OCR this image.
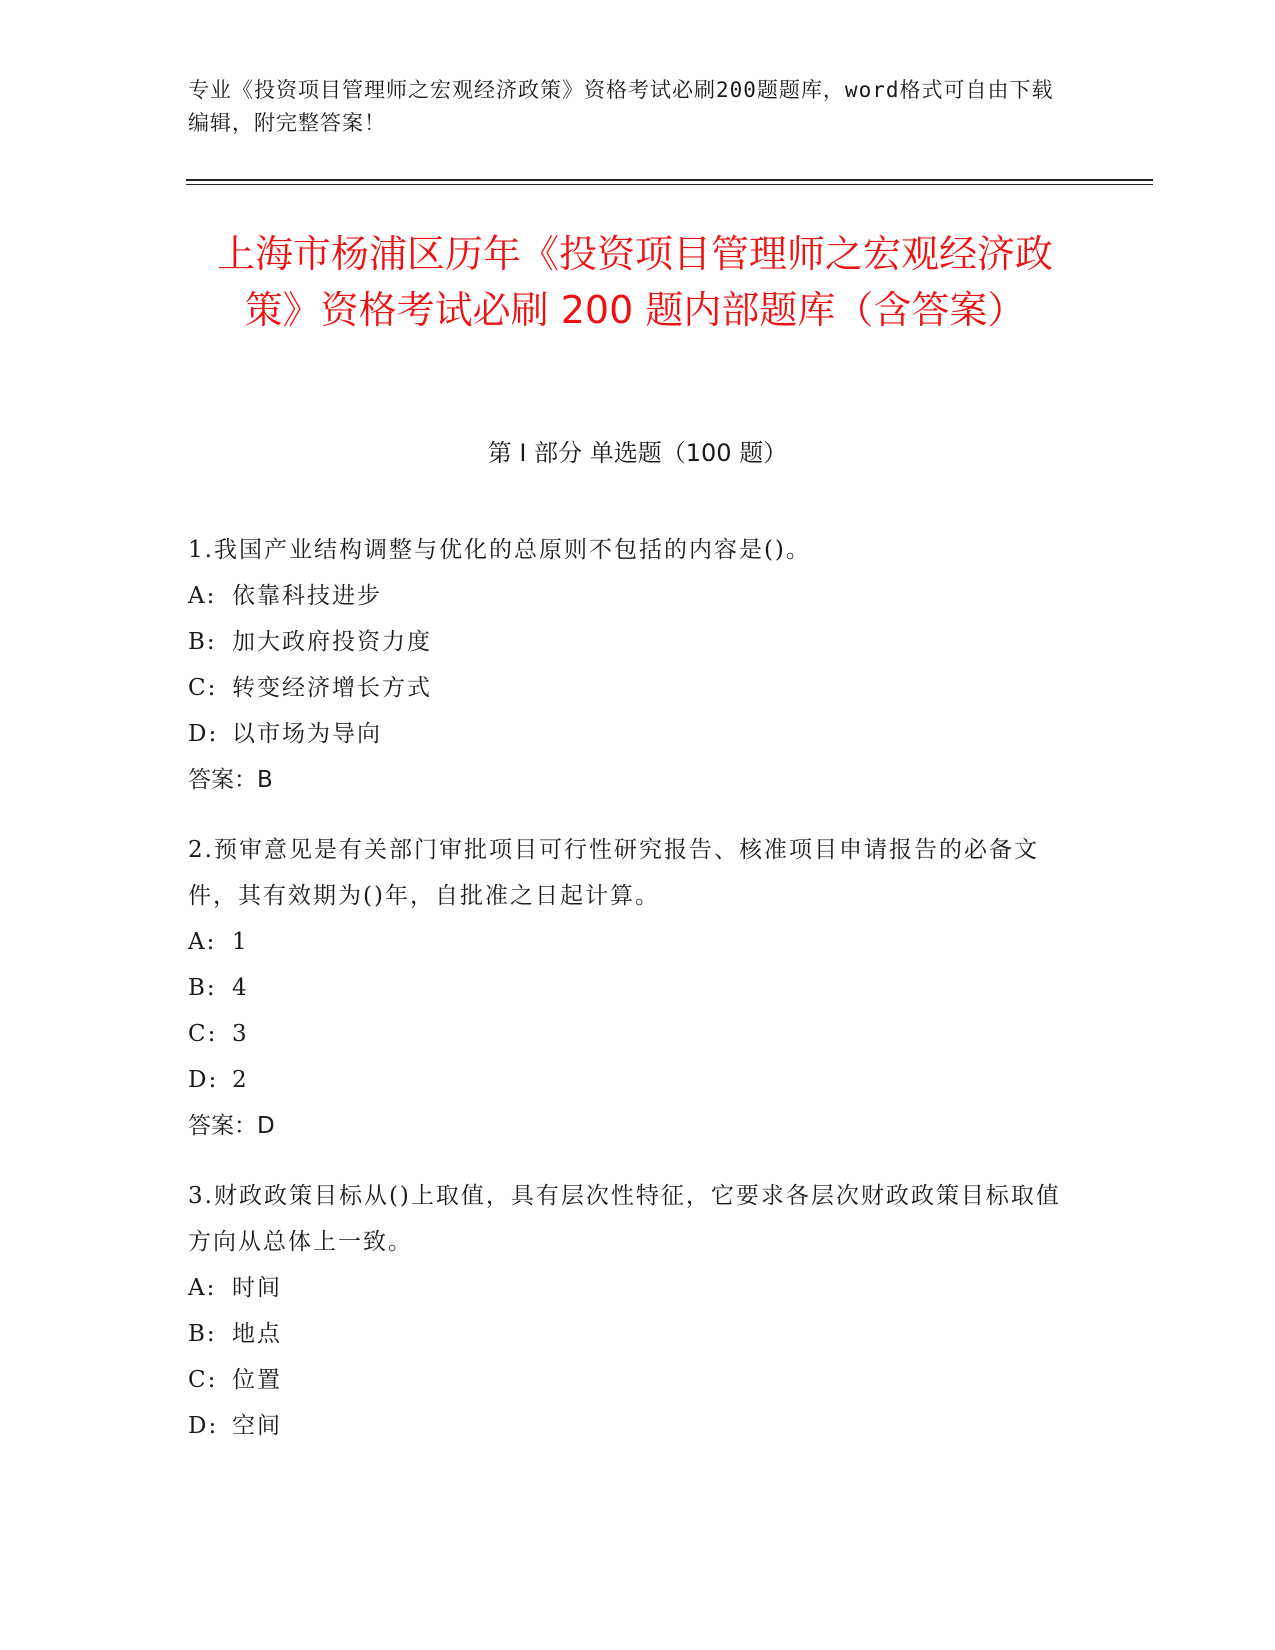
专业《投资项目管理师之宏观经济政策》资格考试必刷200题题库，word格式可自由下载编辑，附完整答案！
上海市杨浦区历年《投资项目管理师之宏观经济政策》资格考试必刷 200 题内部题库（含答案）
第 I 部分 单选题（100 题）
1.我国产业结构调整与优化的总原则不包括的内容是()。
A: 依靠科技进步
B: 加大政府投资力度
C: 转变经济增长方式
D: 以市场为导向
答案：B
2.预审意见是有关部门审批项目可行性研究报告、核准项目申请报告的必备文件，其有效期为()年，自批准之日起计算。
A: 1
B: 4
C: 3
D: 2
答案：D
3.财政政策目标从()上取值，具有层次性特征，它要求各层次财政政策目标取值方向从总体上一致。
A: 时间
B: 地点
C: 位置
D: 空间
